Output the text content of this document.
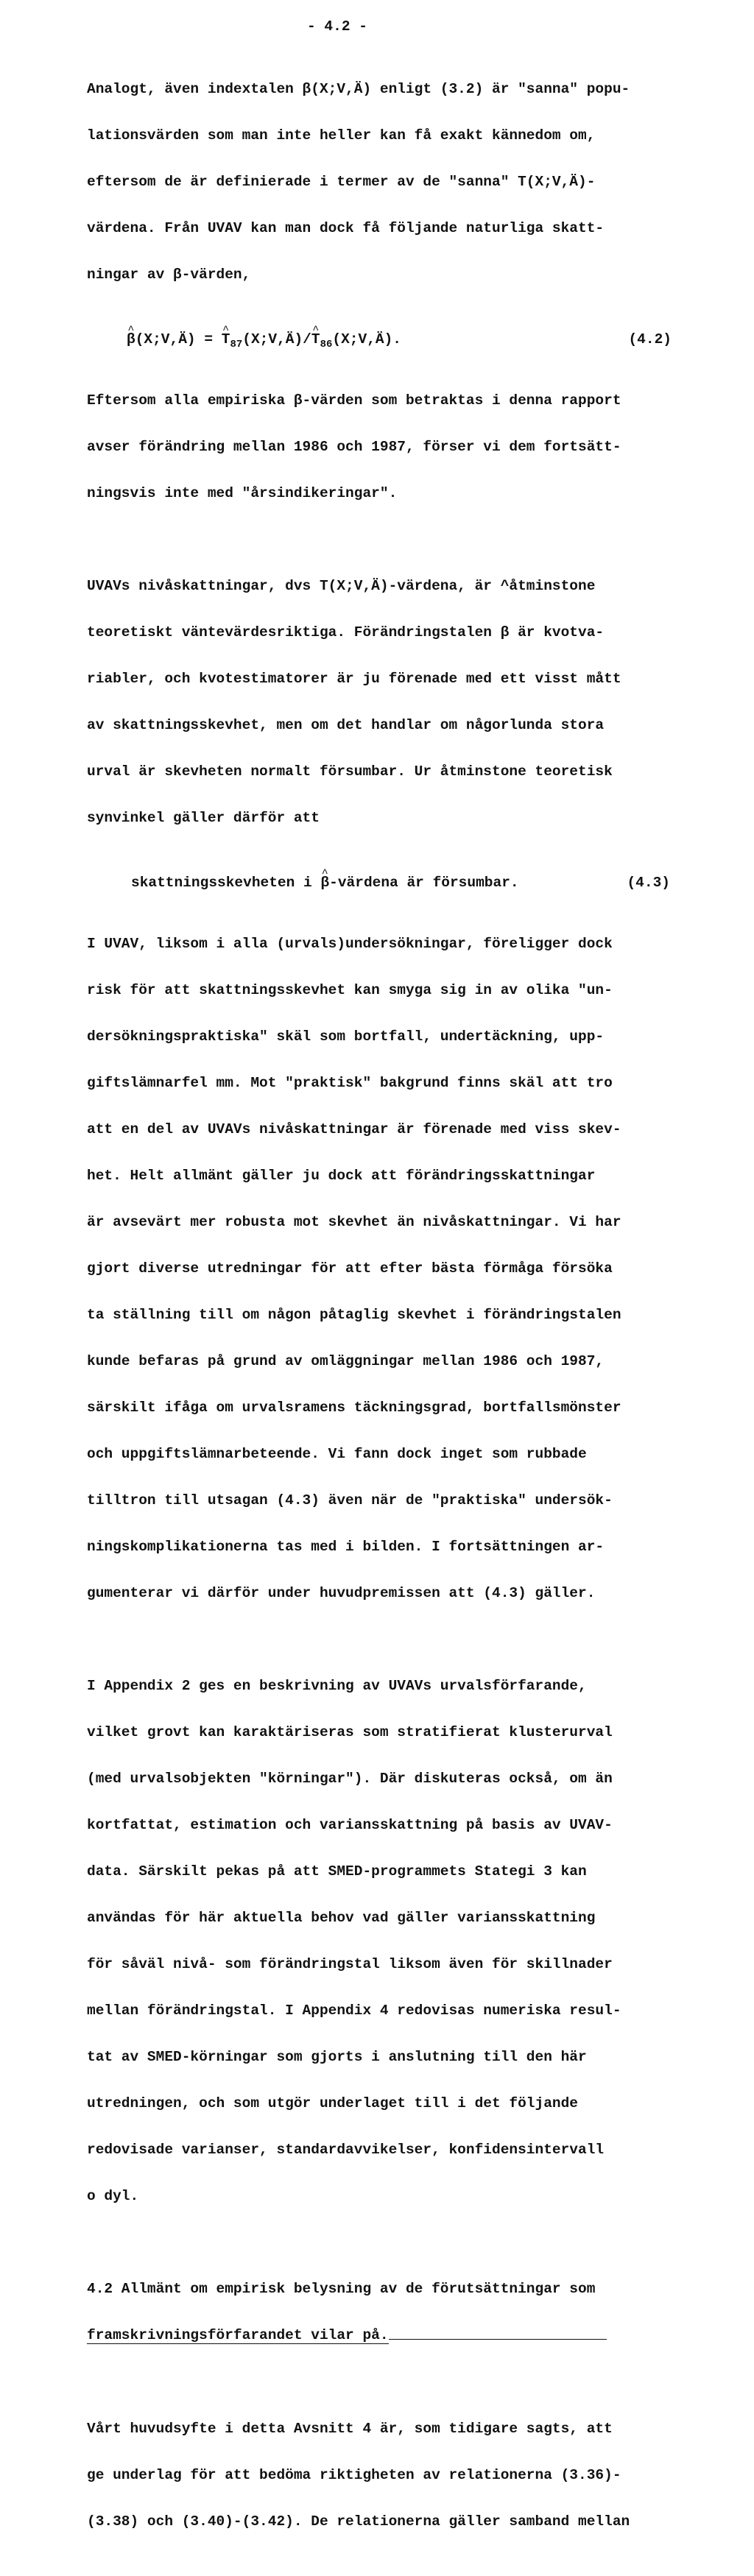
- 4.2 -

Analogt, även indextalen β(X;V,Ä) enligt (3.2) är "sanna" popu-

lationsvärden som man inte heller kan få exakt kännedom om,

eftersom de är definierade i termer av de "sanna" T(X;V,Ä)-

värdena. Från UVAV kan man dock få följande naturliga skatt-

ningar av β-värden,

^ β(X;V,Ä) = ^ $T_{87}(X;V,Ä)/\^{}$ $T_{86}(X;V,Ä)$.

	(4.2)

Eftersom alla empiriska β-värden som betraktas i denna rapport

avser förändring mellan 1986 och 1987, förser vi dem fortsätt-

ningsvis inte med "årsindikeringar".

UVAVs nivåskattningar, dvs T(X;V,Ä)-värdena, är ^åtminstone

teoretiskt väntevärdesriktiga. Förändringstalen β är kvotva-

riabler, och kvotestimatorer är ju förenade med ett visst mått

av skattningsskevhet, men om det handlar om någorlunda stora

urval är skevheten normalt försumbar. Ur åtminstone teoretisk

synvinkel gäller därför att

skattningsskevheten i ^ β-värdena är försumbar.

	(4.3)

I UVAV, liksom i alla (urvals)undersökningar, föreligger dock

risk för att skattningsskevhet kan smyga sig in av olika "un-

dersökningspraktiska" skäl som bortfall, undertäckning, upp-

giftslämnarfel mm. Mot "praktisk" bakgrund finns skäl att tro

att en del av UVAVs nivåskattningar är förenade med viss skev-

het. Helt allmänt gäller ju dock att förändringsskattningar

är avsevärt mer robusta mot skevhet än nivåskattningar. Vi har

gjort diverse utredningar för att efter bästa förmåga försöka

ta ställning till om någon påtaglig skevhet i förändringstalen

kunde befaras på grund av omläggningar mellan 1986 och 1987,

särskilt ifåga om urvalsramens täckningsgrad, bortfallsmönster

och uppgiftslämnarbeteende. Vi fann dock inget som rubbade

tilltron till utsagan (4.3) även när de "praktiska" undersök-

ningskomplikationerna tas med i bilden. I fortsättningen ar-

gumenterar vi därför under huvudpremissen att (4.3) gäller.

I Appendix 2 ges en beskrivning av UVAVs urvalsförfarande,

vilket grovt kan karaktäriseras som stratifierat klusterurval

(med urvalsobjekten "körningar"). Där diskuteras också, om än

kortfattat, estimation och variansskattning på basis av UVAV-

data. Särskilt pekas på att SMED-programmets Stategi 3 kan

användas för här aktuella behov vad gäller variansskattning

för såväl nivå- som förändringstal liksom även för skillnader

mellan förändringstal. I Appendix 4 redovisas numeriska resul-

tat av SMED-körningar som gjorts i anslutning till den här

utredningen, och som utgör underlaget till i det följande

redovisade varianser, standardavvikelser, konfidensintervall

o dyl.

4.2 Allmänt om empirisk belysning av de förutsättningar som

framskrivningsförfarandet vilar på.

Vårt huvudsyfte i detta Avsnitt 4 är, som tidigare sagts, att

ge underlag för att bedöma riktigheten av relationerna (3.36)-

(3.38) och (3.40)-(3.42). De relationerna gäller samband mellan
